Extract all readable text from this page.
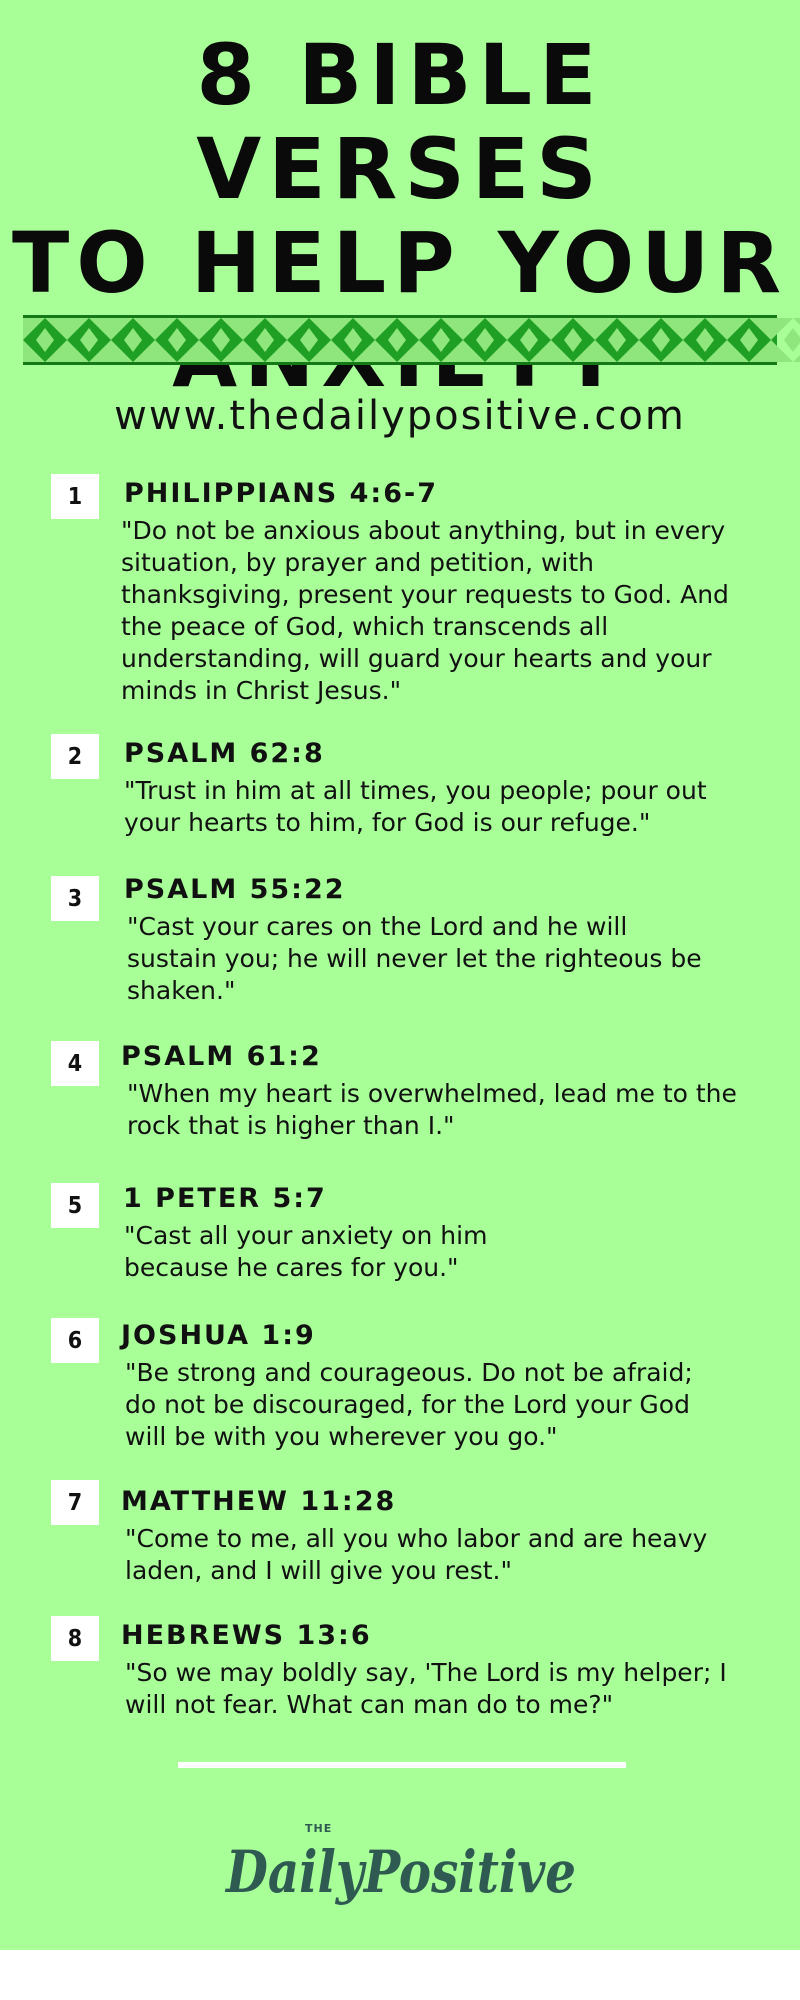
8 BIBLE VERSES
TO HELP YOUR
www.thedailypositive.com
1	PHILIPPIANS 4:6-7
"Do not be anxious about anything, but in every situation, by prayer and petition, with thanksgiving, present your requests to God. And the peace of God, which transcends all understanding, will guard your hearts and your minds in Christ Jesus."
2	PSALM 62:8
"Trust in him at all times, you people; pour out your hearts to him, for God is our refuge."
3	PSALM 55:22
"Cast your cares on the Lord and he will sustain you; he will never let the righteous be shaken."
4	PSALM 61:2
"When my heart is overwhelmed, lead me to the rock that is higher than I."
5	1 PETER 5:7
"Cast all your anxiety on him because he cares for you."
6	JOSHUA 1:9
"Be strong and courageous. Do not be afraid; do not be discouraged, for the Lord your God will be with you wherever you go."
7	MATTHEW 11:28
"Come to me, all you who labor and are heavy laden, and I will give you rest."
8	HEBREWS 13:6
"So we may boldly say, 'The Lord is my helper; I will not fear. What can man do to me?"
THE
DailyPositive
